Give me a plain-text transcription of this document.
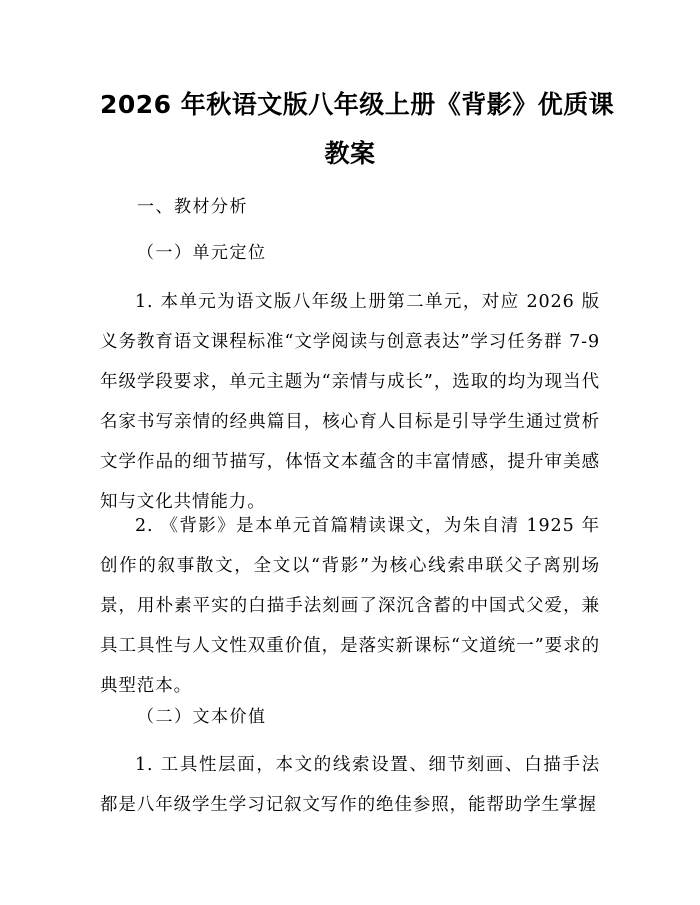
2026 年秋语文版八年级上册《背影》优质课
教案
一、教材分析
（一）单元定位
1. 本单元为语文版八年级上册第二单元，对应 2026 版义务教育语文课程标准“文学阅读与创意表达”学习任务群 7-9 年级学段要求，单元主题为“亲情与成长”，选取的均为现当代名家书写亲情的经典篇目，核心育人目标是引导学生通过赏析文学作品的细节描写，体悟文本蕴含的丰富情感，提升审美感知与文化共情能力。
2. 《背影》是本单元首篇精读课文，为朱自清 1925 年创作的叙事散文，全文以“背影”为核心线索串联父子离别场景，用朴素平实的白描手法刻画了深沉含蓄的中国式父爱，兼具工具性与人文性双重价值，是落实新课标“文道统一”要求的典型范本。
（二）文本价值
1. 工具性层面，本文的线索设置、细节刻画、白描手法都是八年级学生学习记叙文写作的绝佳参照，能帮助学生掌握
